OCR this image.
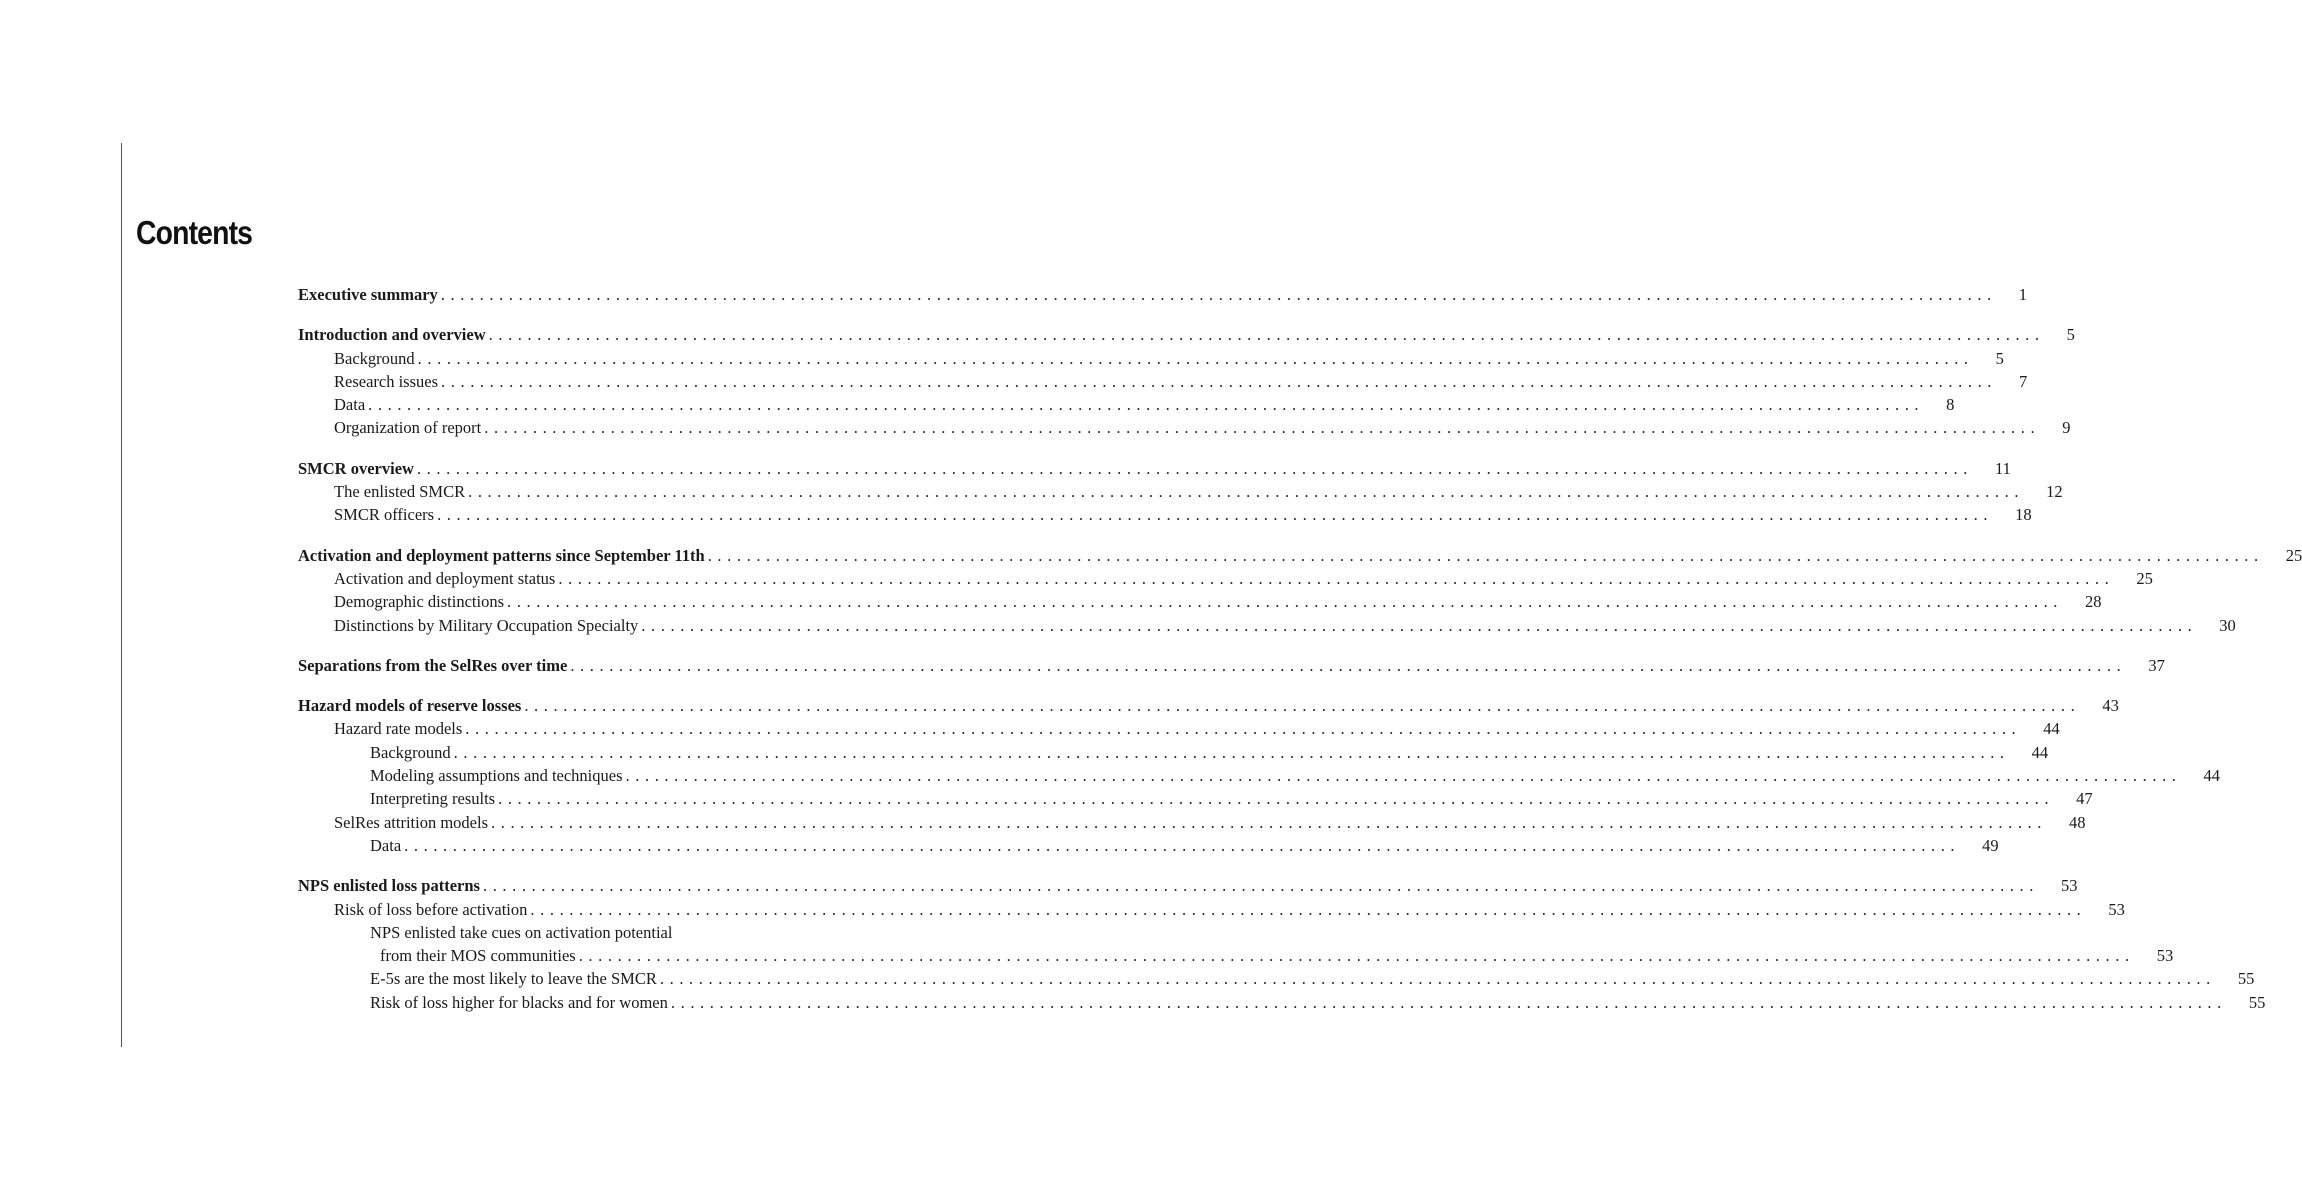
Contents
Executive summary ................................................................................................................................................................ 1
Introduction and overview ................................................................................................................................................................ 5
Background ................................................................................................................................................................ 5
Research issues ................................................................................................................................................................ 7
Data ................................................................................................................................................................ 8
Organization of report ................................................................................................................................................................ 9
SMCR overview ................................................................................................................................................................ 11
The enlisted SMCR ................................................................................................................................................................ 12
SMCR officers ................................................................................................................................................................ 18
Activation and deployment patterns since September 11th ................................................................................................................................................................ 25
Activation and deployment status ................................................................................................................................................................ 25
Demographic distinctions ................................................................................................................................................................ 28
Distinctions by Military Occupation Specialty ................................................................................................................................................................ 30
Separations from the SelRes over time ................................................................................................................................................................ 37
Hazard models of reserve losses ................................................................................................................................................................ 43
Hazard rate models ................................................................................................................................................................ 44
Background ................................................................................................................................................................ 44
Modeling assumptions and techniques ................................................................................................................................................................ 44
Interpreting results ................................................................................................................................................................ 47
SelRes attrition models ................................................................................................................................................................ 48
Data ................................................................................................................................................................ 49
NPS enlisted loss patterns ................................................................................................................................................................ 53
Risk of loss before activation ................................................................................................................................................................ 53
NPS enlisted take cues on activation potential
from their MOS communities ................................................................................................................................................................ 53
E-5s are the most likely to leave the SMCR ................................................................................................................................................................ 55
Risk of loss higher for blacks and for women ................................................................................................................................................................ 55
